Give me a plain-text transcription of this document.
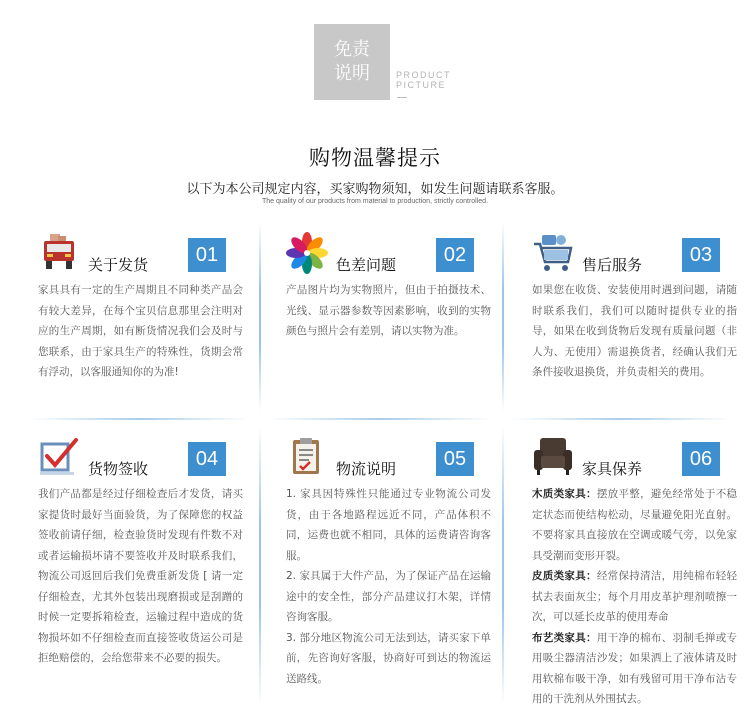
免责
说明	PRODUCT
PICTURE
购物温馨提示
以下为本公司规定内容，买家购物须知，如发生问题请联系客服。
The quality of our products from material to production, strictly controlled.
关于发货	01
家具具有一定的生产周期且不同种类产品会有较大差异，在每个宝贝信息那里会注明对应的生产周期，如有断货情况我们会及时与您联系，由于家具生产的特殊性，货期会常有浮动，以客服通知你的为准!
色差问题	02
产品图片均为实物照片，但由于拍摄技术、光线、显示器参数等因素影响，收到的实物颜色与照片会有差别，请以实物为准。
售后服务	03
如果您在收货、安装使用时遇到问题，请随时联系我们，我们可以随时提供专业的指导，如果在收到货物后发现有质量问题（非人为、无使用）需退换货者，经确认我们无条件接收退换货，并负责相关的费用。
货物签收	04
我们产品都是经过仔细检查后才发货，请买家提货时最好当面验货，为了保障您的权益签收前请仔细，检查验货时发现有件数不对或者运输损坏请不要签收并及时联系我们，物流公司返回后我们免费重新发货 [ 请一定仔细检查，尤其外包装出现磨损或是刮蹭的时候一定要拆箱检查，运输过程中造成的货物损坏如不仔细检查而直接签收货运公司是拒绝赔偿的，会给您带来不必要的损失。
物流说明	05

1. 家具因特殊性只能通过专业物流公司发货，由于各地路程远近不同，产品体积不同，运费也就不相同，具体的运费请咨询客服。

2. 家具属于大件产品，为了保证产品在运输途中的安全性，部分产品建议打木架，详情咨询客服。

3. 部分地区物流公司无法到达，请买家下单前，先咨询好客服，协商好可到达的物流运送路线。

家具保养	06

木质类家具：摆放平整，避免经常处于不稳定状态而使结构松动，尽量避免阳光直射。不要将家具直接放在空调或暖气旁，以免家具受潮而变形开裂。

皮质类家具：经常保持清洁，用纯棉布轻轻拭去表面灰尘；每个月用皮革护理剂喷擦一次，可以延长皮革的使用寿命

布艺类家具：用干净的棉布、羽制毛掸或专用吸尘器清洁沙发；如果洒上了液体请及时用软棉布吸干净，如有残留可用干净布沾专用的干洗剂从外围拭去。
